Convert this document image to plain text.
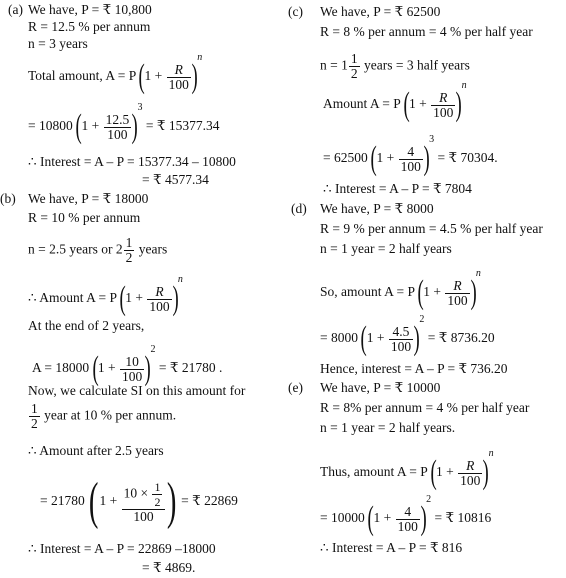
(a) We have, P = ₹ 10,800
R = 12.5 % per annum
n = 3 years
Total amount, A = P $(1 + \frac{R}{100} )n$
= 10800 $(1 + \frac{12.5}{100} )3$ = ₹ 15377.34
∴ Interest = A – P = 15377.34 – 10800
= ₹ 4577.34
(b) We have, P = ₹ 18000
R = 10 % per annum
n = 2.5 years or $2 \frac{1}{2}$ years
∴ Amount A = P $(1 + \frac{R}{100} )n$
At the end of 2 years,
A = 18000 $(1 + \frac{10}{100} )2$ = ₹ 21780 .
Now, we calculate SI on this amount for
$\frac{1}{2}$ year at 10 % per annum.
∴ Amount after 2.5 years
= 21780 ($1 + \frac{10 \times \frac{1}{2}}{100}$ ) = ₹ 22869
∴ Interest = A – P = 22869 –18000
= ₹ 4869.
(c) We have, P = ₹ 62500
R = 8 % per annum = 4 % per half year
$n = 1 \frac{1}{2}$ years = 3 half years
Amount A = P $(1 + \frac{R}{100} )n$
= 62500 $(1 + \frac{4}{100} )3$ = ₹ 70304.
∴ Interest = A – P = ₹ 7804
(d) We have, P = ₹ 8000
R = 9 % per annum = 4.5 % per half year
n = 1 year = 2 half years
So, amount A = P $(1 + \frac{R}{100} )n$
= 8000 $(1 + \frac{4.5}{100} )2$ = ₹ 8736.20
Hence, interest = A – P = ₹ 736.20
(e) We have, P = ₹ 10000
R = 8% per annum = 4 % per half year
n = 1 year = 2 half years.
Thus, amount A = P $(1 + \frac{R}{100} )n$
= 10000 $(1 + \frac{4}{100} )2$ = ₹ 10816
∴ Interest = A – P = ₹ 816
